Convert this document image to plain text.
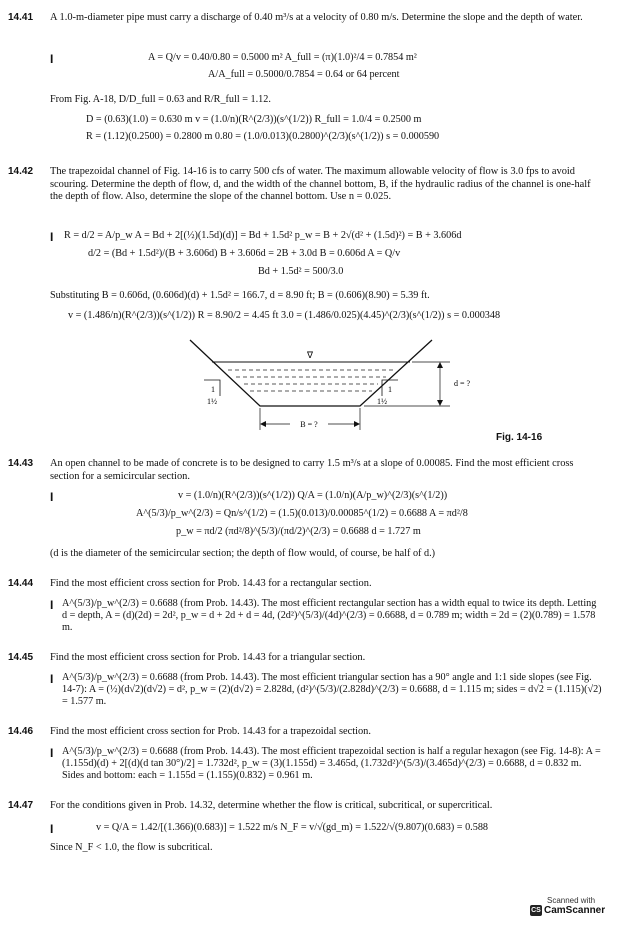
14.41 A 1.0-m-diameter pipe must carry a discharge of 0.40 m³/s at a velocity of 0.80 m/s. Determine the slope and the depth of water.
I	A = Q/v = 0.40/0.80 = 0.5000 m² A_full = (π)(1.0)²/4 = 0.7854 m²
A/A_full = 0.5000/0.7854 = 0.64 or 64 percent
From Fig. A-18, D/D_full = 0.63 and R/R_full = 1.12.
D = (0.63)(1.0) = 0.630 m v = (1.0/n)(R^(2/3))(s^(1/2)) R_full = 1.0/4 = 0.2500 m
R = (1.12)(0.2500) = 0.2800 m 0.80 = (1.0/0.013)(0.2800)^(2/3)(s^(1/2)) s = 0.000590
14.42 The trapezoidal channel of Fig. 14-16 is to carry 500 cfs of water. The maximum allowable velocity of flow is 3.0 fps to avoid scouring. Determine the depth of flow, d, and the width of the channel bottom, B, if the hydraulic radius of the channel is one-half the depth of flow. Also, determine the slope of the channel bottom. Use n = 0.025.
I R = d/2 = A/p_w A = Bd + 2[(½)(1.5d)(d)] = Bd + 1.5d² p_w = B + 2√(d² + (1.5d)²) = B + 3.606d
d/2 = (Bd + 1.5d²)/(B + 3.606d) B + 3.606d = 2B + 3.0d B = 0.606d A = Q/v
Bd + 1.5d² = 500/3.0
Substituting B = 0.606d, (0.606d)(d) + 1.5d² = 166.7, d = 8.90 ft; B = (0.606)(8.90) = 5.39 ft.
v = (1.486/n)(R^(2/3))(s^(1/2)) R = 8.90/2 = 4.45 ft 3.0 = (1.486/0.025)(4.45)^(2/3)(s^(1/2)) s = 0.000348
∇
1
1½
1
1½
d = ?
B = ?
Fig. 14-16
14.43 An open channel to be made of concrete is to be designed to carry 1.5 m³/s at a slope of 0.00085. Find the most efficient cross section for a semicircular section.
I	v = (1.0/n)(R^(2/3))(s^(1/2)) Q/A = (1.0/n)(A/p_w)^(2/3)(s^(1/2))
A^(5/3)/p_w^(2/3) = Qn/s^(1/2) = (1.5)(0.013)/0.00085^(1/2) = 0.6688 A = πd²/8
p_w = πd/2 (πd²/8)^(5/3)/(πd/2)^(2/3) = 0.6688 d = 1.727 m
(d is the diameter of the semicircular section; the depth of flow would, of course, be half of d.)
14.44 Find the most efficient cross section for Prob. 14.43 for a rectangular section.
I A^(5/3)/p_w^(2/3) = 0.6688 (from Prob. 14.43). The most efficient rectangular section has a width equal to twice its depth. Letting d = depth, A = (d)(2d) = 2d², p_w = d + 2d + d = 4d, (2d²)^(5/3)/(4d)^(2/3) = 0.6688, d = 0.789 m; width = 2d = (2)(0.789) = 1.578 m.
14.45 Find the most efficient cross section for Prob. 14.43 for a triangular section.
I A^(5/3)/p_w^(2/3) = 0.6688 (from Prob. 14.43). The most efficient triangular section has a 90° angle and 1:1 side slopes (see Fig. 14-7): A = (½)(d√2)(d√2) = d², p_w = (2)(d√2) = 2.828d, (d²)^(5/3)/(2.828d)^(2/3) = 0.6688, d = 1.115 m; sides = d√2 = (1.115)(√2) = 1.577 m.
14.46 Find the most efficient cross section for Prob. 14.43 for a trapezoidal section.
I A^(5/3)/p_w^(2/3) = 0.6688 (from Prob. 14.43). The most efficient trapezoidal section is half a regular hexagon (see Fig. 14-8): A = (1.155d)(d) + 2[(d)(d tan 30°)/2] = 1.732d², p_w = (3)(1.155d) = 3.465d, (1.732d²)^(5/3)/(3.465d)^(2/3) = 0.6688, d = 0.832 m. Sides and bottom: each = 1.155d = (1.155)(0.832) = 0.961 m.
14.47 For the conditions given in Prob. 14.32, determine whether the flow is critical, subcritical, or supercritical.
I	v = Q/A = 1.42/[(1.366)(0.683)] = 1.522 m/s N_F = v/√(gd_m) = 1.522/√(9.807)(0.683) = 0.588
Since N_F < 1.0, the flow is subcritical.
Scanned with
CS CamScanner
